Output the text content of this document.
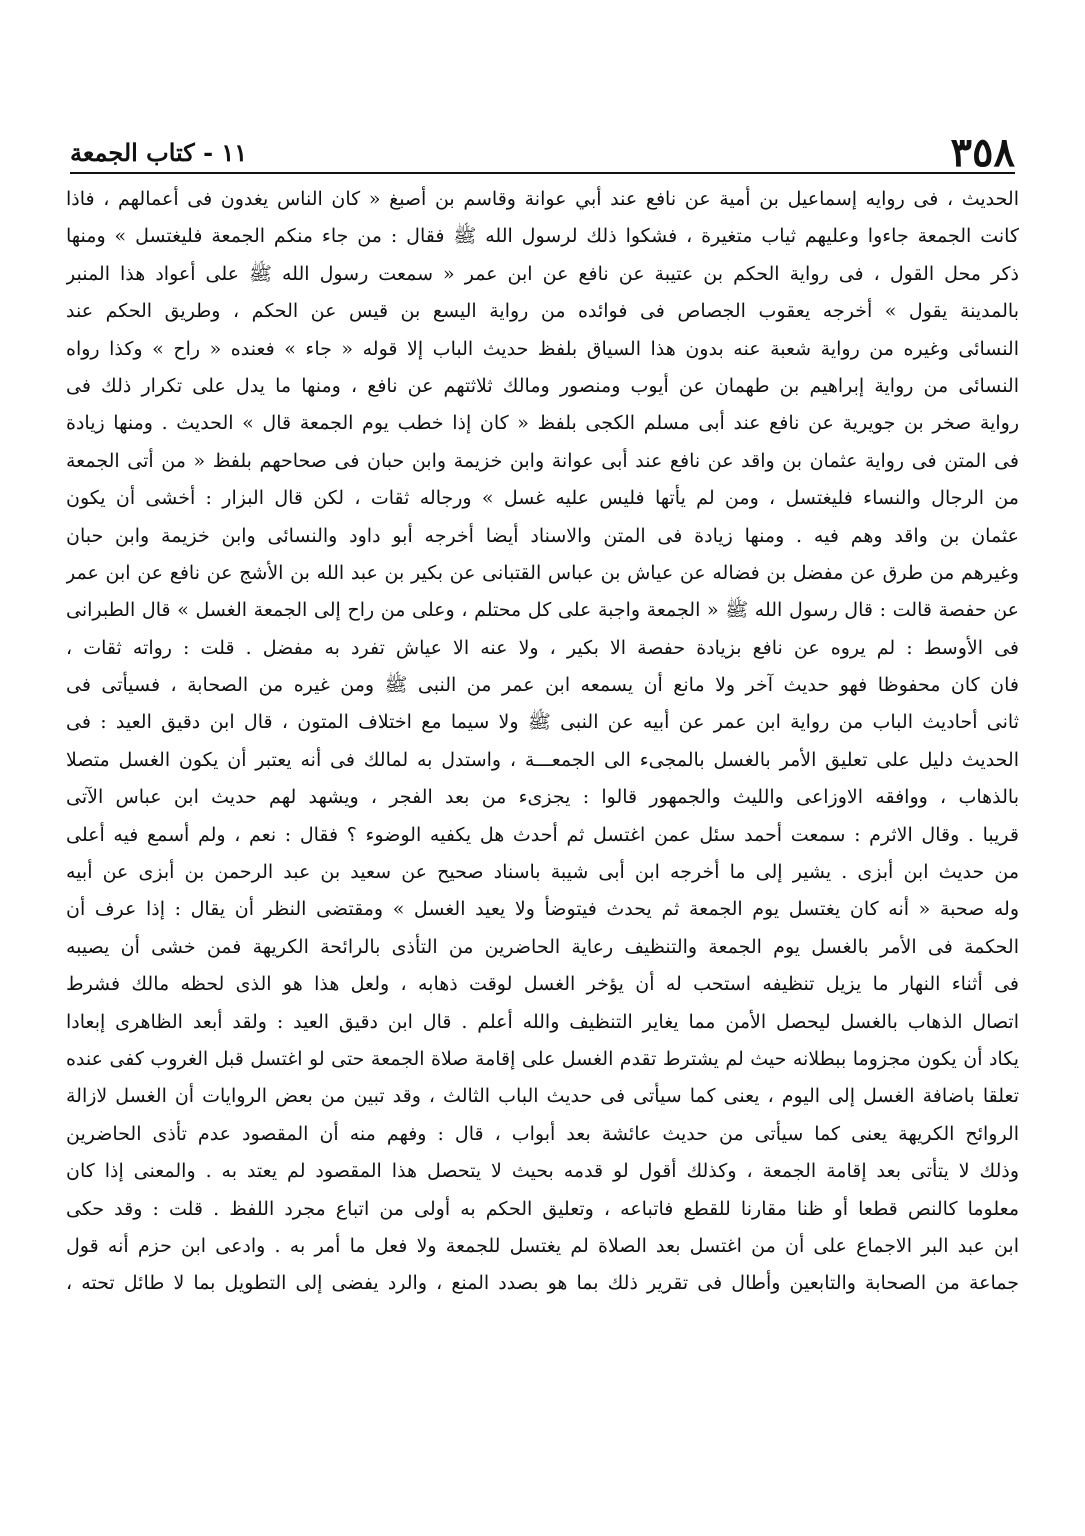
٣٥٨
١١ - كتاب الجمعة
الحديث ، فى روايه إسماعيل بن أمية عن نافع عند أبي عوانة وقاسم بن أصبغ « كان الناس يغدون فى أعمالهم ، فاذا
كانت الجمعة جاءوا وعليهم ثياب متغيرة ، فشكوا ذلك لرسول الله ﷺ فقال : من جاء منكم الجمعة فليغتسل » ومنها
ذكر محل القول ، فى رواية الحكم بن عتيبة عن نافع عن ابن عمر « سمعت رسول الله ﷺ على أعواد هذا المنبر
بالمدينة يقول » أخرجه يعقوب الجصاص فى فوائده من رواية اليسع بن قيس عن الحكم ، وطريق الحكم عند
النسائى وغيره من رواية شعبة عنه بدون هذا السياق بلفظ حديث الباب إلا قوله « جاء » فعنده « راح » وكذا رواه
النسائى من رواية إبراهيم بن طهمان عن أيوب ومنصور ومالك ثلاثتهم عن نافع ، ومنها ما يدل على تكرار ذلك فى
رواية صخر بن جويرية عن نافع عند أبى مسلم الكجى بلفظ « كان إذا خطب يوم الجمعة قال » الحديث . ومنها زيادة
فى المتن فى رواية عثمان بن واقد عن نافع عند أبى عوانة وابن خزيمة وابن حبان فى صحاحهم بلفظ « من أتى الجمعة
من الرجال والنساء فليغتسل ، ومن لم يأتها فليس عليه غسل » ورجاله ثقات ، لكن قال البزار : أخشى أن يكون
عثمان بن واقد وهم فيه . ومنها زيادة فى المتن والاسناد أيضا أخرجه أبو داود والنسائى وابن خزيمة وابن حبان
وغيرهم من طرق عن مفضل بن فضاله عن عياش بن عباس القتبانى عن بكير بن عبد الله بن الأشج عن نافع عن ابن عمر
عن حفصة قالت : قال رسول الله ﷺ « الجمعة واجبة على كل محتلم ، وعلى من راح إلى الجمعة الغسل » قال الطبرانى
فى الأوسط : لم يروه عن نافع بزيادة حفصة الا بكير ، ولا عنه الا عياش تفرد به مفضل . قلت : رواته ثقات ،
فان كان محفوظا فهو حديث آخر ولا مانع أن يسمعه ابن عمر من النبى ﷺ ومن غيره من الصحابة ، فسيأتى فى
ثانى أحاديث الباب من رواية ابن عمر عن أبيه عن النبى ﷺ ولا سيما مع اختلاف المتون ، قال ابن دقيق العيد : فى
الحديث دليل على تعليق الأمر بالغسل بالمجىء الى الجمعـــة ، واستدل به لمالك فى أنه يعتبر أن يكون الغسل متصلا
بالذهاب ، ووافقه الاوزاعى والليث والجمهور قالوا : يجزىء من بعد الفجر ، ويشهد لهم حديث ابن عباس الآتى
قريبا . وقال الاثرم : سمعت أحمد سئل عمن اغتسل ثم أحدث هل يكفيه الوضوء ؟ فقال : نعم ، ولم أسمع فيه أعلى
من حديث ابن أبزى . يشير إلى ما أخرجه ابن أبى شيبة باسناد صحيح عن سعيد بن عبد الرحمن بن أبزى عن أبيه
وله صحبة « أنه كان يغتسل يوم الجمعة ثم يحدث فيتوضأ ولا يعيد الغسل » ومقتضى النظر أن يقال : إذا عرف أن
الحكمة فى الأمر بالغسل يوم الجمعة والتنظيف رعاية الحاضرين من التأذى بالرائحة الكريهة فمن خشى أن يصيبه
فى أثناء النهار ما يزيل تنظيفه استحب له أن يؤخر الغسل لوقت ذهابه ، ولعل هذا هو الذى لحظه مالك فشرط
اتصال الذهاب بالغسل ليحصل الأمن مما يغاير التنظيف والله أعلم . قال ابن دقيق العيد : ولقد أبعد الظاهرى إبعادا
يكاد أن يكون مجزوما ببطلانه حيث لم يشترط تقدم الغسل على إقامة صلاة الجمعة حتى لو اغتسل قبل الغروب كفى عنده
تعلقا باضافة الغسل إلى اليوم ، يعنى كما سيأتى فى حديث الباب الثالث ، وقد تبين من بعض الروايات أن الغسل لازالة
الروائح الكريهة يعنى كما سيأتى من حديث عائشة بعد أبواب ، قال : وفهم منه أن المقصود عدم تأذى الحاضرين
وذلك لا يتأتى بعد إقامة الجمعة ، وكذلك أقول لو قدمه بحيث لا يتحصل هذا المقصود لم يعتد به . والمعنى إذا كان
معلوما كالنص قطعا أو ظنا مقارنا للقطع فاتباعه ، وتعليق الحكم به أولى من اتباع مجرد اللفظ . قلت : وقد حكى
ابن عبد البر الاجماع على أن من اغتسل بعد الصلاة لم يغتسل للجمعة ولا فعل ما أمر به . وادعى ابن حزم أنه قول
جماعة من الصحابة والتابعين وأطال فى تقرير ذلك بما هو بصدد المنع ، والرد يفضى إلى التطويل بما لا طائل تحته ،
